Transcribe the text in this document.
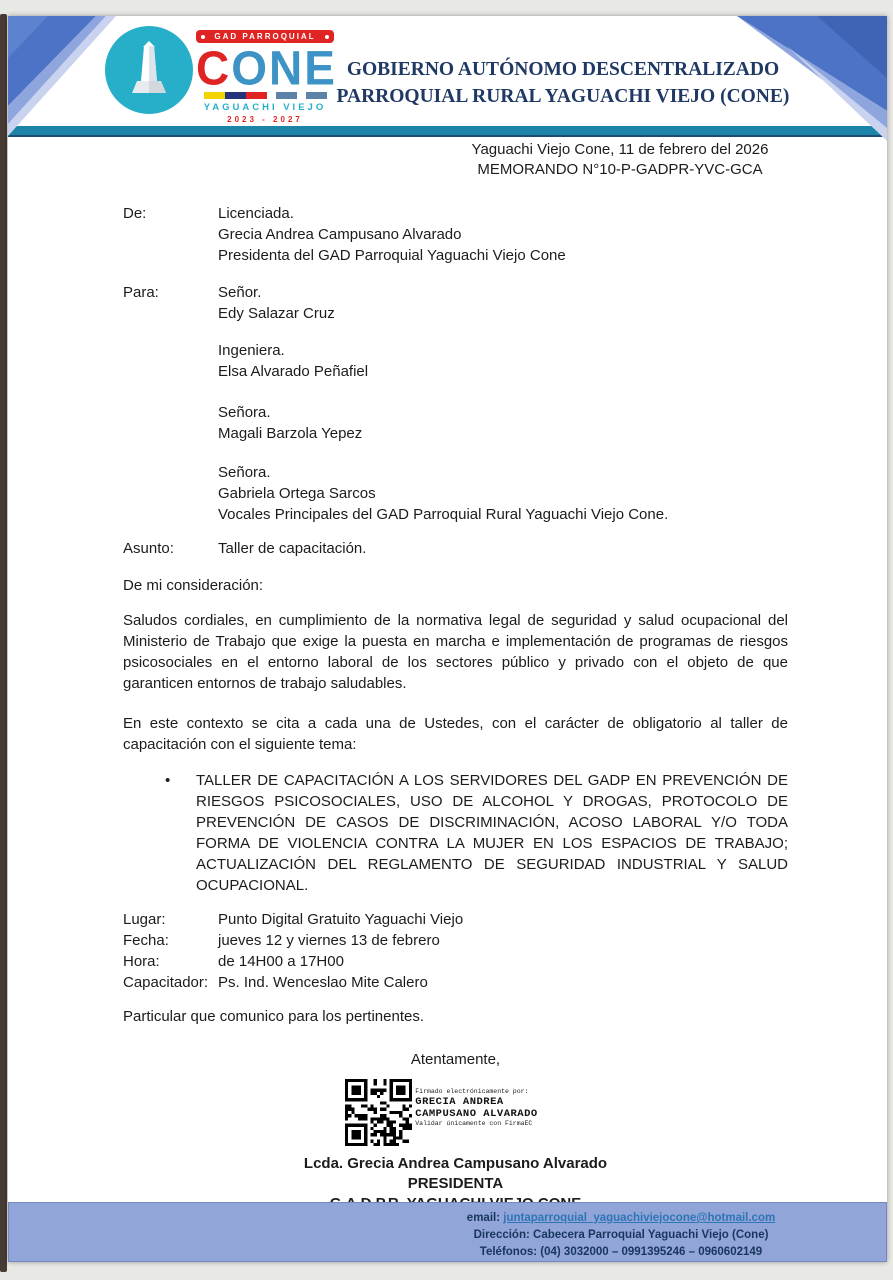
GAD PARROQUIAL
CONE
YAGUACHI VIEJO
2023 - 2027
GOBIERNO AUTÓNOMO DESCENTRALIZADO
PARROQUIAL RURAL YAGUACHI VIEJO (CONE)
Yaguachi Viejo Cone, 11 de febrero del 2026
MEMORANDO N°10-P-GADPR-YVC-GCA
De:	Licenciada.
Grecia Andrea Campusano Alvarado
Presidenta del GAD Parroquial Yaguachi Viejo Cone
Para:	Señor.
Edy Salazar Cruz
Ingeniera.
Elsa Alvarado Peñafiel
Señora.
Magali Barzola Yepez
Señora.
Gabriela Ortega Sarcos
Vocales Principales del GAD Parroquial Rural Yaguachi Viejo Cone.
Asunto:	Taller de capacitación.
De mi consideración:

Saludos cordiales, en cumplimiento de la normativa legal de seguridad y salud ocupacional del Ministerio de Trabajo que exige la puesta en marcha e implementación de programas de riesgos psicosociales en el entorno laboral de los sectores público y privado con el objeto de que garanticen entornos de trabajo saludables.

En este contexto se cita a cada una de Ustedes, con el carácter de obligatorio al taller de capacitación con el siguiente tema:

•	TALLER DE CAPACITACIÓN A LOS SERVIDORES DEL GADP EN PREVENCIÓN DE RIESGOS PSICOSOCIALES, USO DE ALCOHOL Y DROGAS, PROTOCOLO DE PREVENCIÓN DE CASOS DE DISCRIMINACIÓN, ACOSO LABORAL Y/O TODA FORMA DE VIOLENCIA CONTRA LA MUJER EN LOS ESPACIOS DE TRABAJO; ACTUALIZACIÓN DEL REGLAMENTO DE SEGURIDAD INDUSTRIAL Y SALUD OCUPACIONAL.
Lugar:	Punto Digital Gratuito Yaguachi Viejo
Fecha:	jueves 12 y viernes 13 de febrero
Hora:	de 14H00 a 17H00
Capacitador: Ps. Ind. Wenceslao Mite Calero
Particular que comunico para los pertinentes.
Atentamente,
Firmado electrónicamente por:
GRECIA ANDREA
CAMPUSANO ALVARADO
Validar únicamente con FirmaEC
Lcda. Grecia Andrea Campusano Alvarado
PRESIDENTA
email: juntaparroquial_yaguachiviejocone@hotmail.com
Dirección: Cabecera Parroquial Yaguachi Viejo (Cone)
Teléfonos: (04) 3032000 – 0991395246 – 0960602149
